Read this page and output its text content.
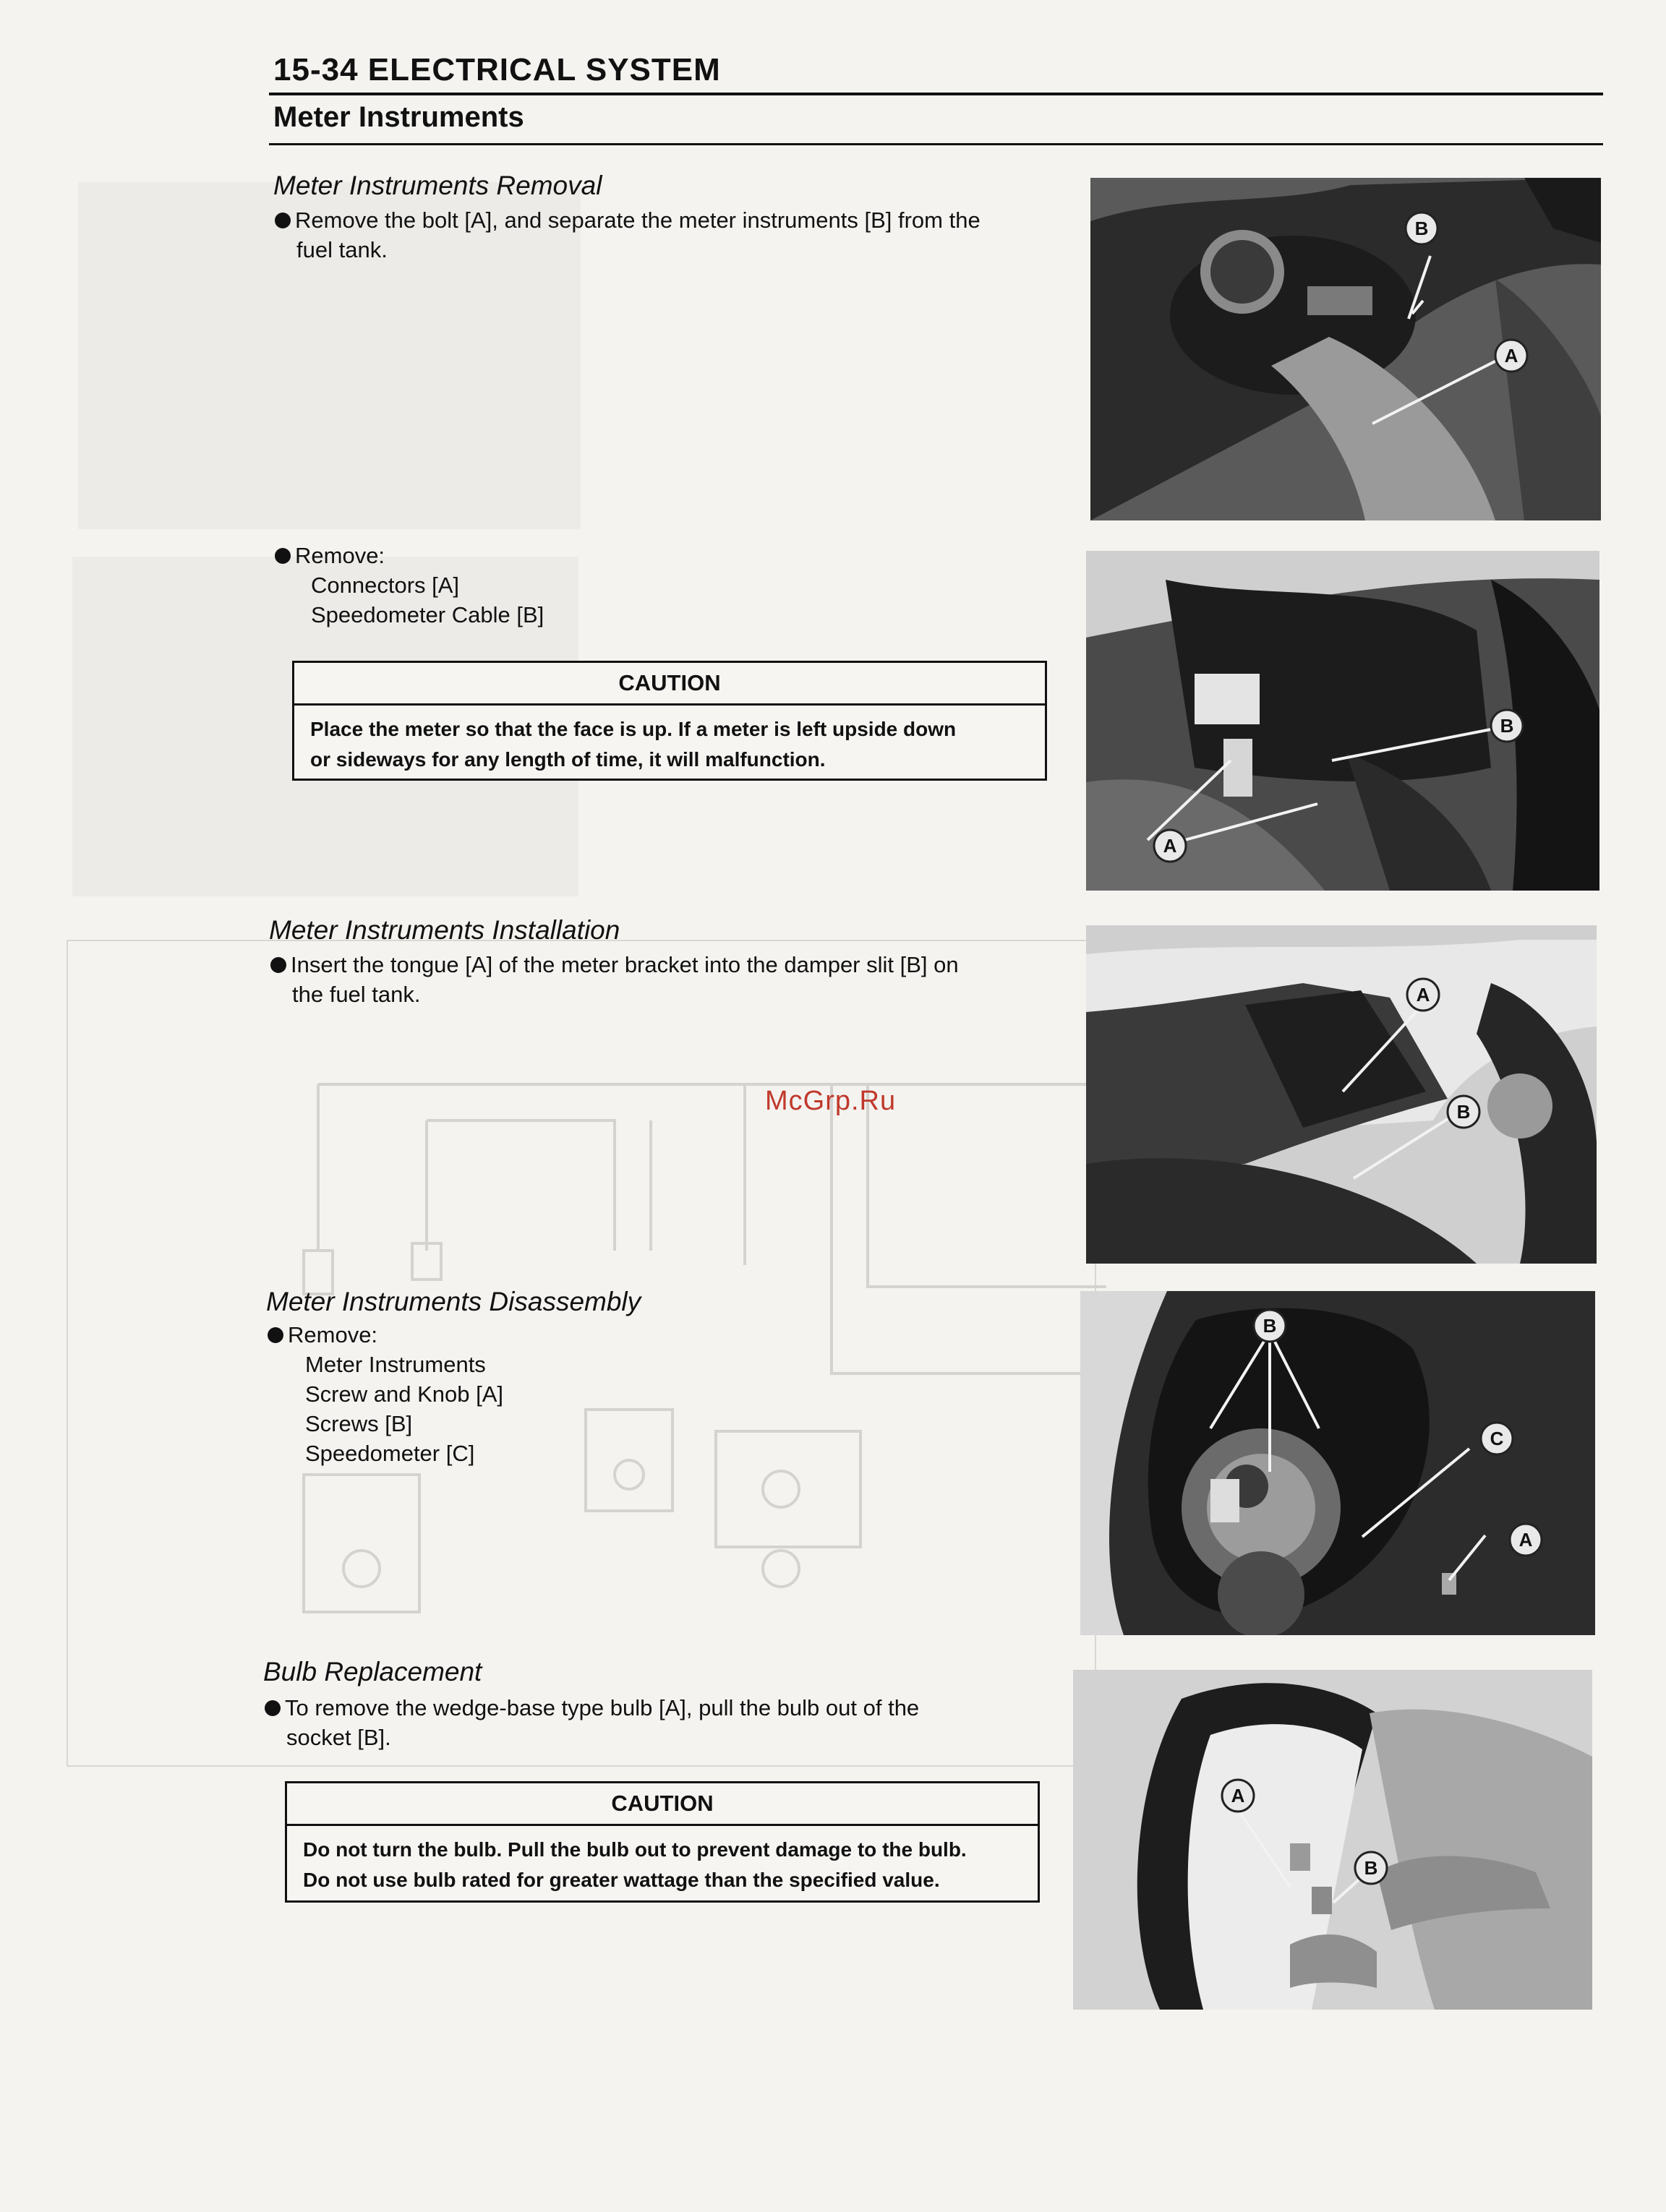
15-34 ELECTRICAL SYSTEM
Meter Instruments
Meter Instruments Removal
Remove the bolt [A], and separate the meter instruments [B] from the
fuel tank.
Remove:
Connectors [A]
Speedometer Cable [B]
CAUTION
Place the meter so that the face is up. If a meter is left upside down
or sideways for any length of time, it will malfunction.
Meter Instruments Installation
Insert the tongue [A] of the meter bracket into the damper slit [B] on
the fuel tank.
Meter Instruments Disassembly
Remove:
Meter Instruments
Screw and Knob [A]
Screws [B]
Speedometer [C]
Bulb Replacement
To remove the wedge-base type bulb [A], pull the bulb out of the
socket [B].
CAUTION
Do not turn the bulb. Pull the bulb out to prevent damage to the bulb.
Do not use bulb rated for greater wattage than the specified value.
McGrp.Ru
B
A
B
A
A
B
B
C
A
A
B
